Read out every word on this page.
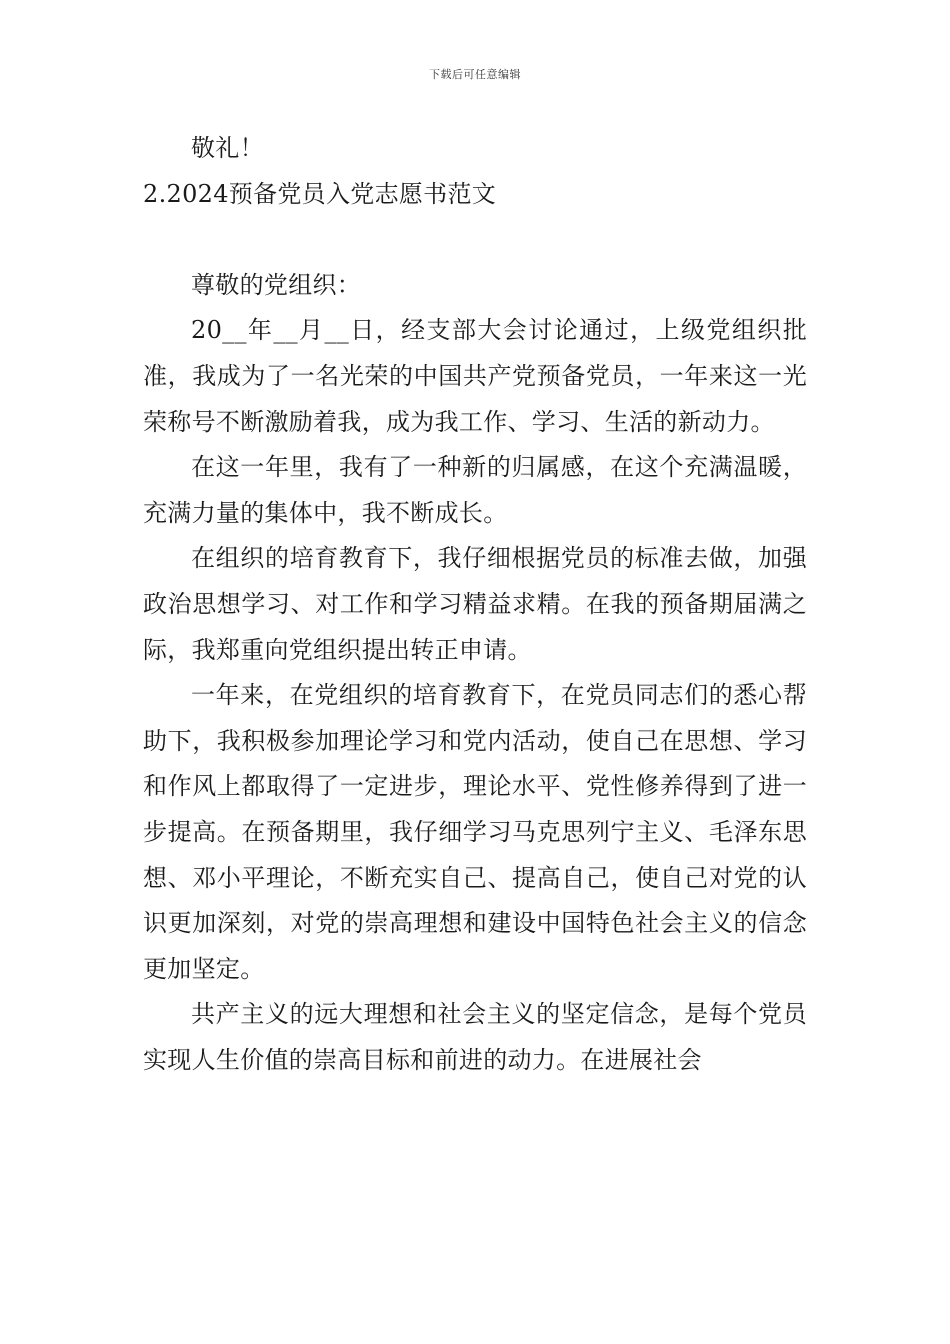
下载后可任意编辑

敬礼！

2.2024预备党员入党志愿书范文

尊敬的党组织：

20__年__月__日，经支部大会讨论通过，上级党组织批准，我成为了一名光荣的中国共产党预备党员，一年来这一光荣称号不断激励着我，成为我工作、学习、生活的新动力。

在这一年里，我有了一种新的归属感，在这个充满温暖，充满力量的集体中，我不断成长。

在组织的培育教育下，我仔细根据党员的标准去做，加强政治思想学习、对工作和学习精益求精。在我的预备期届满之际，我郑重向党组织提出转正申请。

一年来，在党组织的培育教育下，在党员同志们的悉心帮助下，我积极参加理论学习和党内活动，使自己在思想、学习和作风上都取得了一定进步，理论水平、党性修养得到了进一步提高。在预备期里，我仔细学习马克思列宁主义、毛泽东思想、邓小平理论，不断充实自己、提高自己，使自己对党的认识更加深刻，对党的崇高理想和建设中国特色社会主义的信念更加坚定。

共产主义的远大理想和社会主义的坚定信念，是每个党员实现人生价值的崇高目标和前进的动力。在进展社会
